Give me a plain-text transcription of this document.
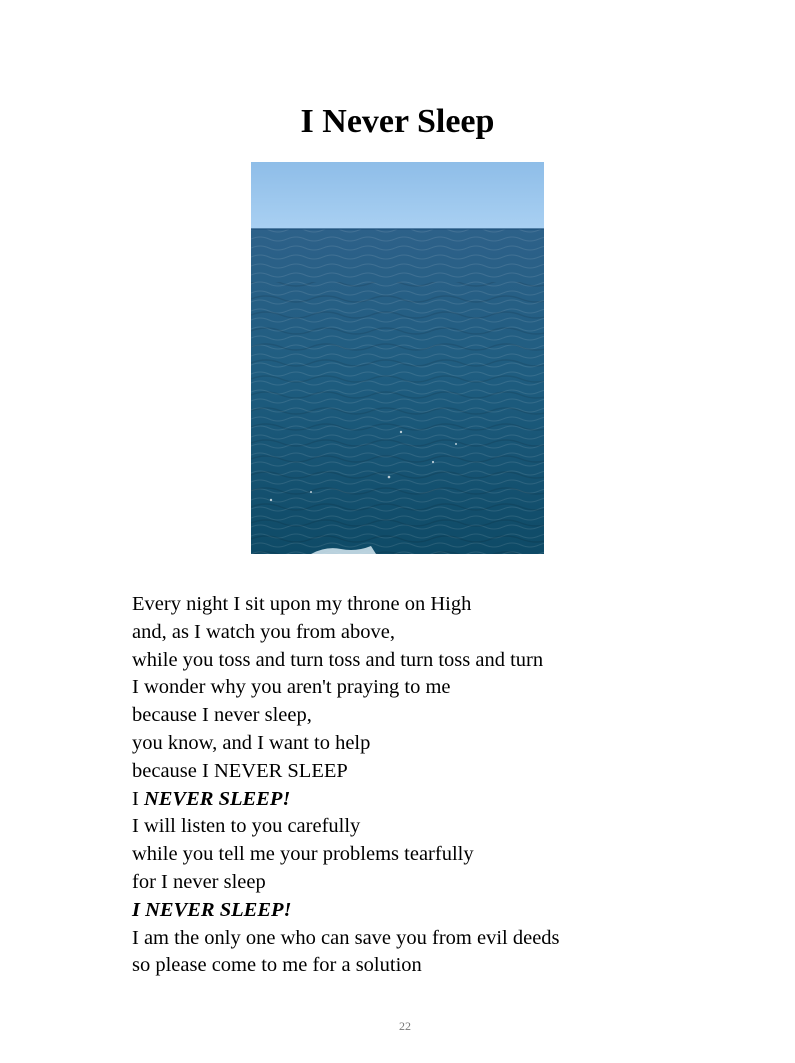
I Never Sleep
Every night I sit upon my throne on High
and, as I watch you from above,
while you toss and turn toss and turn toss and turn
I wonder why you aren't praying to me
because I never sleep,
you know, and I want to help
because I NEVER SLEEP
I NEVER SLEEP!
I will listen to you carefully
while you tell me your problems tearfully
for I never sleep
I NEVER SLEEP!
I am the only one who can save you from evil deeds
so please come to me for a solution
22
